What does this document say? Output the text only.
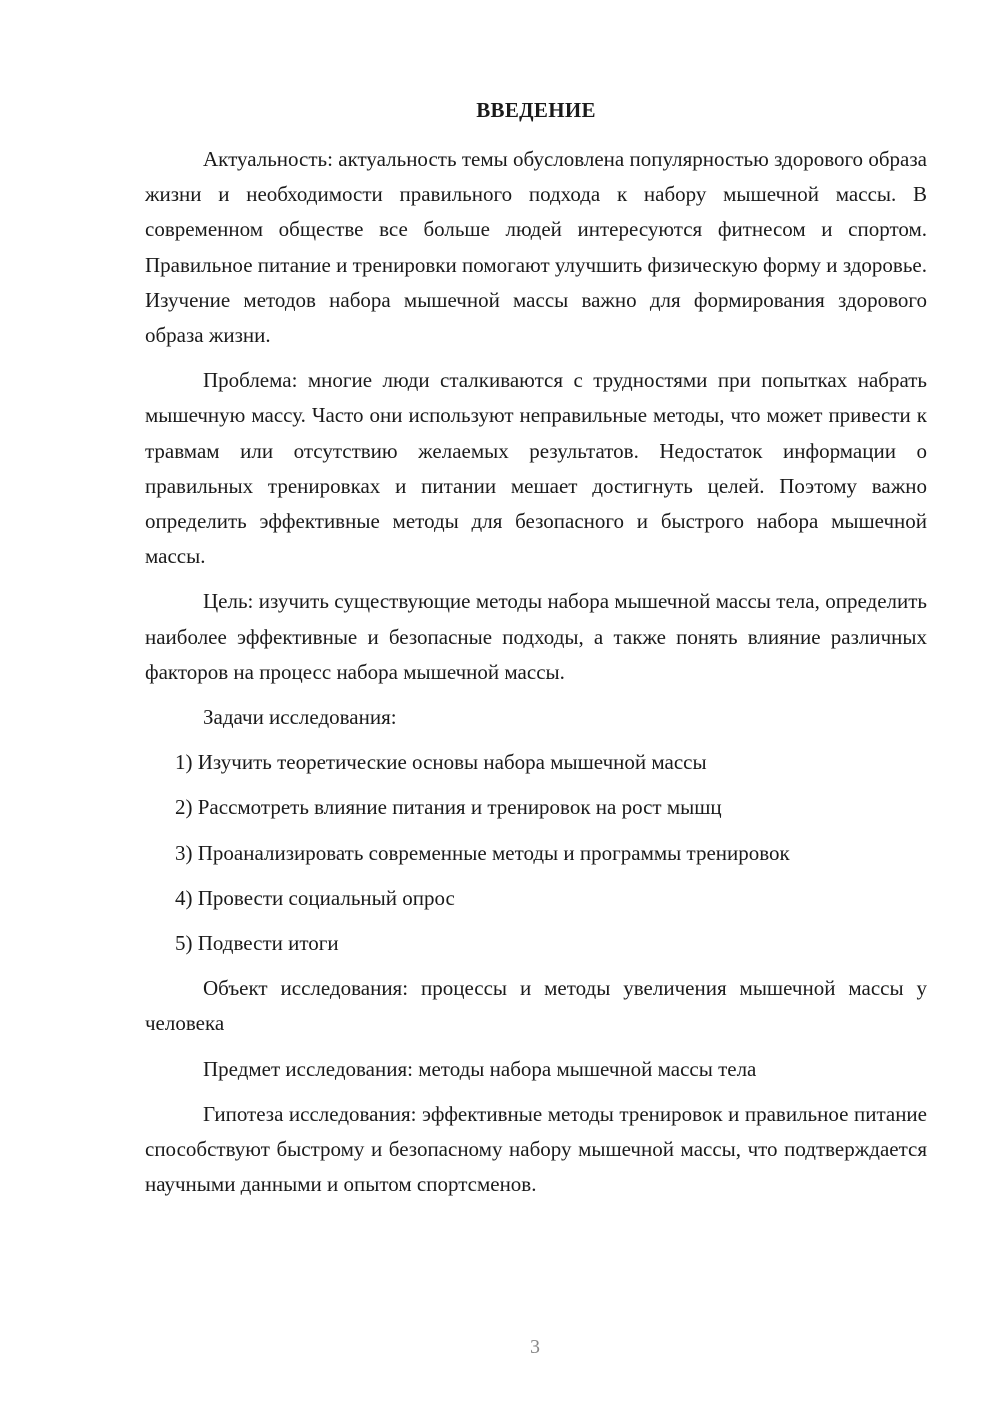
ВВЕДЕНИЕ

Актуальность: актуальность темы обусловлена популярностью здорового образа жизни и необходимости правильного подхода к набору мышечной массы. В современном обществе все больше людей интересуются фитнесом и спортом. Правильное питание и тренировки помогают улучшить физическую форму и здоровье. Изучение методов набора мышечной массы важно для формирования здорового образа жизни.

Проблема: многие люди сталкиваются с трудностями при попытках набрать мышечную массу. Часто они используют неправильные методы, что может привести к травмам или отсутствию желаемых результатов. Недостаток информации о правильных тренировках и питании мешает достигнуть целей. Поэтому важно определить эффективные методы для безопасного и быстрого набора мышечной массы.

Цель: изучить существующие методы набора мышечной массы тела, определить наиболее эффективные и безопасные подходы, а также понять влияние различных факторов на процесс набора мышечной массы.

Задачи исследования:

1) Изучить теоретические основы набора мышечной массы
2) Рассмотреть влияние питания и тренировок на рост мышц
3) Проанализировать современные методы и программы тренировок
4) Провести социальный опрос
5) Подвести итоги

Объект исследования: процессы и методы увеличения мышечной массы у человека

Предмет исследования: методы набора мышечной массы тела

Гипотеза исследования: эффективные методы тренировок и правильное питание способствуют быстрому и безопасному набору мышечной массы, что подтверждается научными данными и опытом спортсменов.

3
